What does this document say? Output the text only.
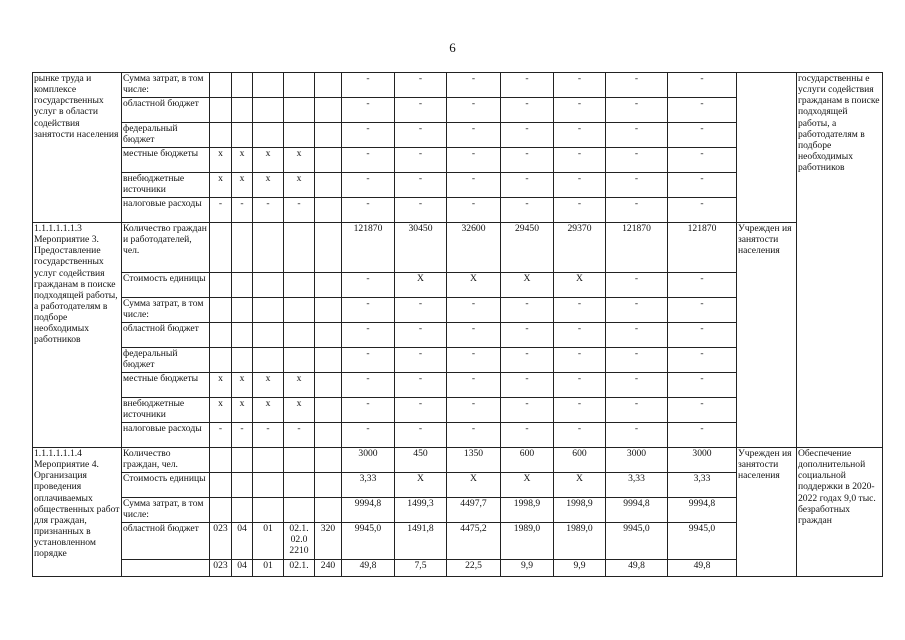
6
рынке труда и комплексе государственных услуг в области содействия занятости населения	Сумма затрат, в том числе:						-	-	-	-	-	-	-		государственны е услуги содействия гражданам в поиске подходящей работы, а работодателям в подборе необходимых работников
	областной бюджет						-	-	-	-	-	-	-		
	федеральный бюджет						-	-	-	-	-	-	-		
	местные бюджеты	х	х	х	х		-	-	-	-	-	-	-		
	внебюджетные источники	х	х	х	х		-	-	-	-	-	-	-		
	налоговые расходы	-	-	-	-		-	-	-	-	-	-	-		
1.1.1.1.1.1.3 Мероприятие 3. Предоставление государственных услуг содействия гражданам в поиске подходящей работы, а работодателям в подборе необходимых работников	Количество граждан и работодателей, чел.						121870	30450	32600	29450	29370	121870	121870	Учрежден ия занятости населения	
	Стоимость единицы						-	X	X	X	X	-	-		
	Сумма затрат, в том числе:						-	-	-	-	-	-	-		
	областной бюджет						-	-	-	-	-	-	-		
	федеральный бюджет						-	-	-	-	-	-	-		
	местные бюджеты	х	х	х	х		-	-	-	-	-	-	-		
	внебюджетные источники	х	х	х	х		-	-	-	-	-	-	-		
	налоговые расходы	-	-	-	-		-	-	-	-	-	-	-		
1.1.1.1.1.1.4 Мероприятие 4. Организация проведения оплачиваемых общественных работ для граждан, признанных в установленном порядке	Количество граждан, чел.						3000	450	1350	600	600	3000	3000	Учрежден ия занятости населения	Обеспечение дополнительной социальной поддержки в 2020-2022 годах 9,0 тыс. безработных граждан
	Стоимость единицы						3,33	X	X	X	X	3,33	3,33		
	Сумма затрат, в том числе:						9994,8	1499,3	4497,7	1998,9	1998,9	9994,8	9994,8		
	областной бюджет	023	04	01	02.1. 02.0 2210	320	9945,0	1491,8	4475,2	1989,0	1989,0	9945,0	9945,0		
		023	04	01	02.1.	240	49,8	7,5	22,5	9,9	9,9	49,8	49,8		
